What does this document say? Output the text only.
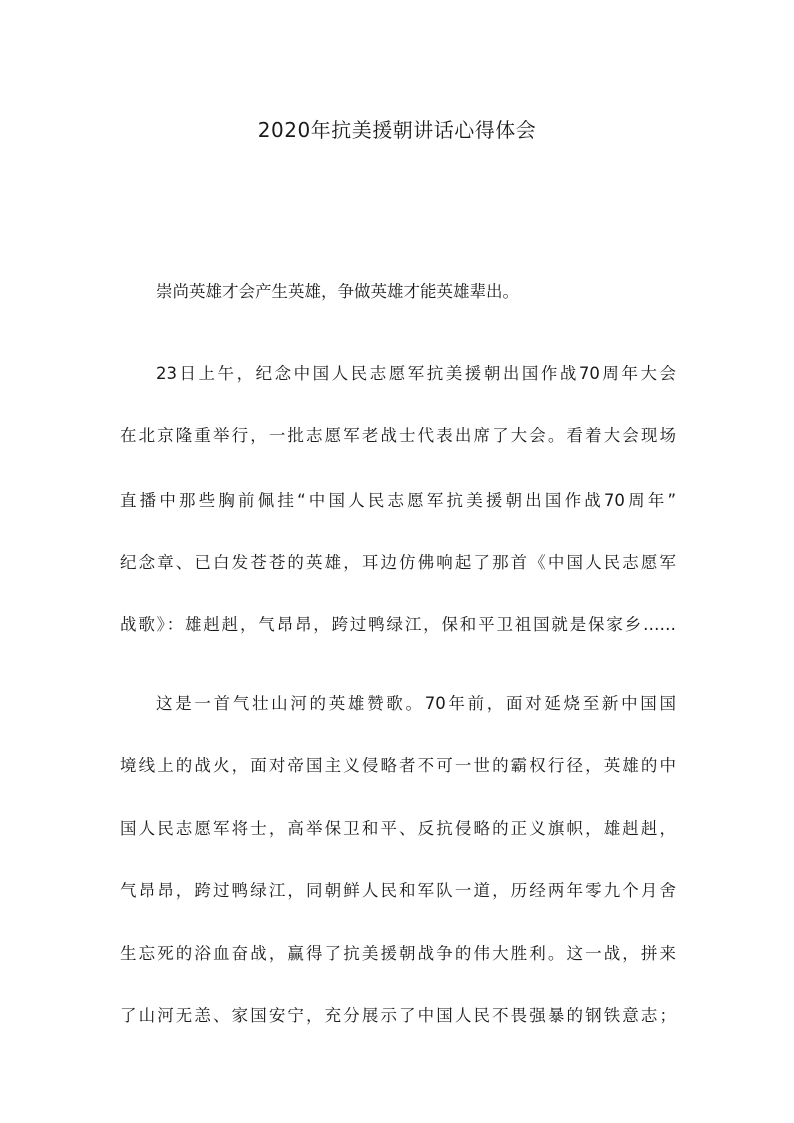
2020年抗美援朝讲话心得体会

崇尚英雄才会产生英雄，争做英雄才能英雄辈出。

23日上午，纪念中国人民志愿军抗美援朝出国作战70周年大会

在北京隆重举行，一批志愿军老战士代表出席了大会。看着大会现场

直播中那些胸前佩挂“中国人民志愿军抗美援朝出国作战70周年”

纪念章、已白发苍苍的英雄，耳边仿佛响起了那首《中国人民志愿军

战歌》：雄赳赳，气昂昂，跨过鸭绿江，保和平卫祖国就是保家乡……

这是一首气壮山河的英雄赞歌。70年前，面对延烧至新中国国

境线上的战火，面对帝国主义侵略者不可一世的霸权行径，英雄的中

国人民志愿军将士，高举保卫和平、反抗侵略的正义旗帜，雄赳赳，

气昂昂，跨过鸭绿江，同朝鲜人民和军队一道，历经两年零九个月舍

生忘死的浴血奋战，赢得了抗美援朝战争的伟大胜利。这一战，拼来

了山河无恙、家国安宁，充分展示了中国人民不畏强暴的钢铁意志；
